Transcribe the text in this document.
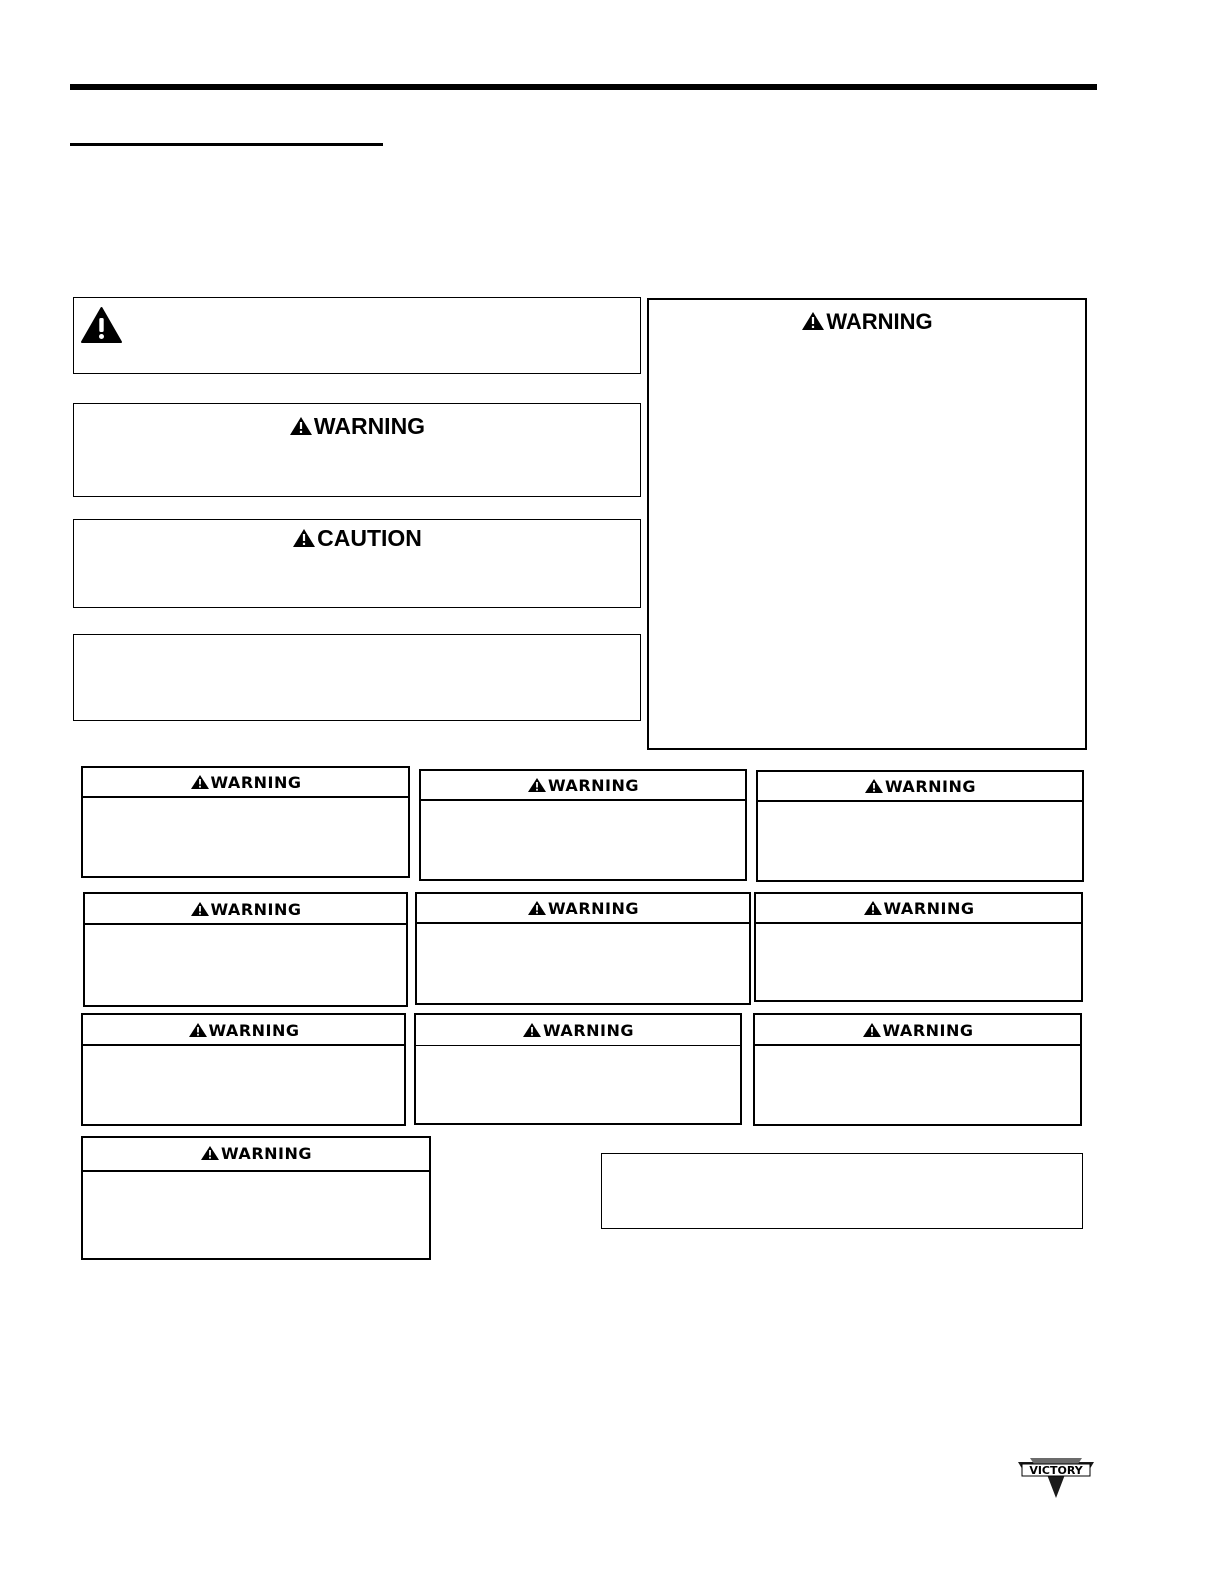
WARNING
CAUTION
WARNING
WARNING	WARNING	WARNING
WARNING	WARNING	WARNING
WARNING	WARNING	WARNING
WARNING
VICTORY
